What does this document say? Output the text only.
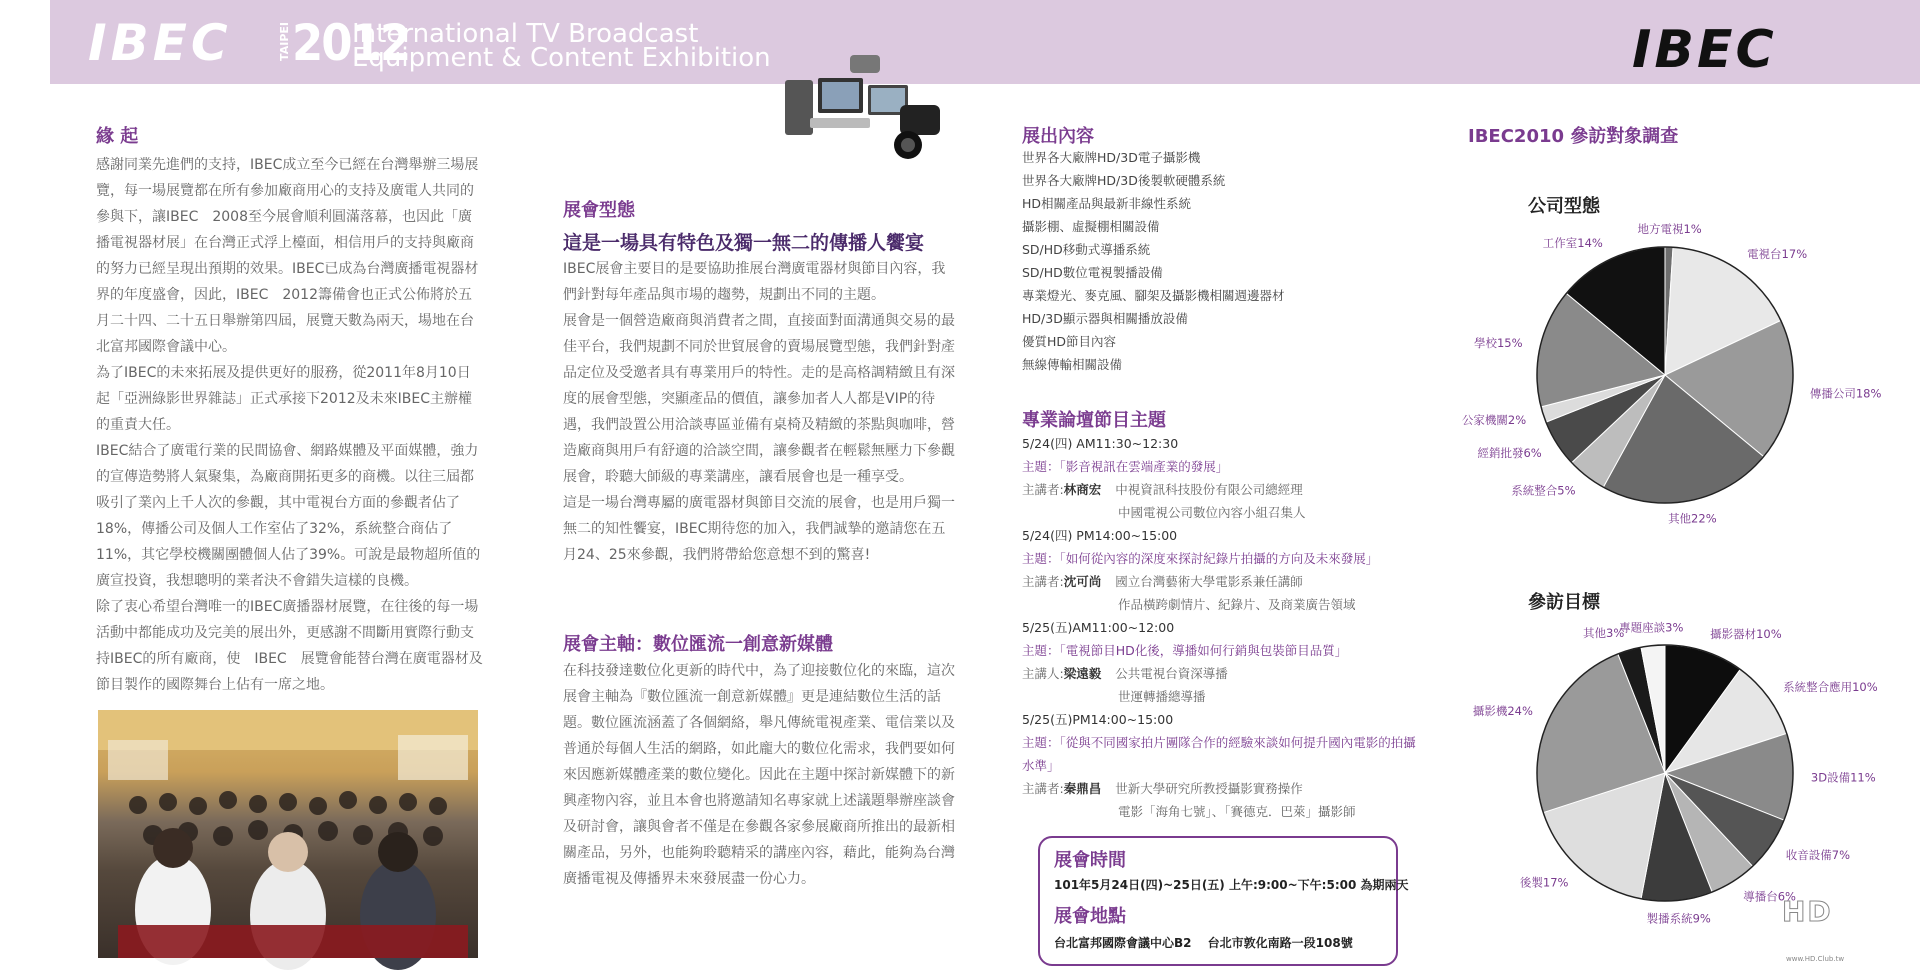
IBEC	TAIPEI 2012
International TV Broadcast
Equipment & Content Exhibition	IBEC
緣 起

感謝同業先進們的支持，IBEC成立至今已經在台灣舉辦三場展覽，每一場展覽都在所有參加廠商用心的支持及廣電人共同的參與下，讓IBEC　2008至今展會順利圓滿落幕，也因此「廣播電視器材展」在台灣正式浮上檯面，相信用戶的支持與廠商的努力已經呈現出預期的效果。IBEC已成為台灣廣播電視器材界的年度盛會，因此，IBEC　2012籌備會也正式公佈將於五月二十四、二十五日舉辦第四屆，展覽天數為兩天，場地在台北富邦國際會議中心。

為了IBEC的未來拓展及提供更好的服務，從2011年8月10日起「亞洲綠影世界雜誌」正式承接下2012及未來IBEC主辦權的重責大任。

IBEC結合了廣電行業的民間協會、網路媒體及平面媒體，強力的宣傳造勢將人氣聚集，為廠商開拓更多的商機。以往三屆都吸引了業內上千人次的參觀，其中電視台方面的參觀者佔了18%，傳播公司及個人工作室佔了32%，系統整合商佔了11%，其它學校機關團體個人佔了39%。可說是最物超所值的廣宣投資，我想聰明的業者決不會錯失這樣的良機。

除了衷心希望台灣唯一的IBEC廣播器材展覽，在往後的每一場活動中都能成功及完美的展出外，更感謝不間斷用實際行動支持IBEC的所有廠商，使　IBEC　展覽會能替台灣在廣電器材及節目製作的國際舞台上佔有一席之地。

展會型態
這是一場具有特色及獨一無二的傳播人饗宴

IBEC展會主要目的是要協助推展台灣廣電器材與節目內容，我們針對每年產品與市場的趨勢，規劃出不同的主題。

展會是一個營造廠商與消費者之間，直接面對面溝通與交易的最佳平台，我們規劃不同於世貿展會的賣場展覽型態，我們針對產品定位及受邀者具有專業用戶的特性。走的是高格調精緻且有深度的展會型態，突顯產品的價值，讓參加者人人都是VIP的待遇，我們設置公用洽談專區並備有桌椅及精緻的茶點與咖啡，營造廠商與用戶有舒適的洽談空間，讓參觀者在輕鬆無壓力下參觀展會，聆聽大師級的專業講座，讓看展會也是一種享受。

這是一場台灣專屬的廣電器材與節目交流的展會，也是用戶獨一無二的知性饗宴，IBEC期待您的加入，我們誠摯的邀請您在五月24、25來參觀，我們將帶給您意想不到的驚喜!

展會主軸：數位匯流一創意新媒體

在科技發達數位化更新的時代中，為了迎接數位化的來臨，這次展會主軸為『數位匯流一創意新媒體』更是連結數位生活的話題。數位匯流涵蓋了各個網絡，舉凡傳統電視產業、電信業以及普通於每個人生活的網路，如此龐大的數位化需求，我們要如何來因應新媒體產業的數位變化。因此在主題中探討新媒體下的新興產物內容，並且本會也將邀請知名專家就上述議題舉辦座談會及研討會，讓與會者不僅是在參觀各家參展廠商所推出的最新相關產品，另外，也能夠聆聽精采的講座內容，藉此，能夠為台灣廣播電視及傳播界未來發展盡一份心力。

展出內容
世界各大廠牌HD/3D電子攝影機
世界各大廠牌HD/3D後製軟硬體系統
HD相關產品與最新非線性系統
攝影棚、虛擬棚相關設備
SD/HD移動式導播系統
SD/HD數位電視製播設備
專業燈光、麥克風、腳架及攝影機相關週邊器材
HD/3D顯示器與相關播放設備
優質HD節目內容
無線傳輸相關設備
專業論壇節目主題
5/24(四) AM11:30~12:30
主題：「影音視訊在雲端產業的發展」
主講者:林商宏 中視資訊科技股份有限公司總經理
中國電視公司數位內容小組召集人
5/24(四) PM14:00~15:00
主題：「如何從內容的深度來探討紀錄片拍攝的方向及未來發展」
主講者:沈可尚 國立台灣藝術大學電影系兼任講師
作品橫跨劇情片、紀錄片、及商業廣告領域
5/25(五)AM11:00~12:00
主題：「電視節目HD化後，導播如何行銷與包裝節目品質」
主講人:梁遠毅 公共電視台資深導播
世運轉播總導播
5/25(五)PM14:00~15:00
主題：「從與不同國家拍片團隊合作的經驗來談如何提升國內電影的拍攝水準」
主講者:秦鼎昌 世新大學研究所教授攝影實務操作
電影「海角七號」、「賽德克．巴萊」攝影師
展會時間
101年5月24日(四)~25日(五) 上午:9:00~下午:5:00 為期兩天
展會地點
台北富邦國際會議中心B2　 台北市敦化南路一段108號
IBEC2010 參訪對象調查
公司型態
地方電視1%
電視台17%
傳播公司18%
其他22%
系統整合5%
經銷批發6%
公家機關2%
學校15%
工作室14%
參訪目標
攝影器材10%
系統整合應用10%
3D設備11%
收音設備7%
導播台6%
製播系統9%
後製17%
攝影機24%
其他3%
專題座談3%
HD
www.HD.Club.tw
